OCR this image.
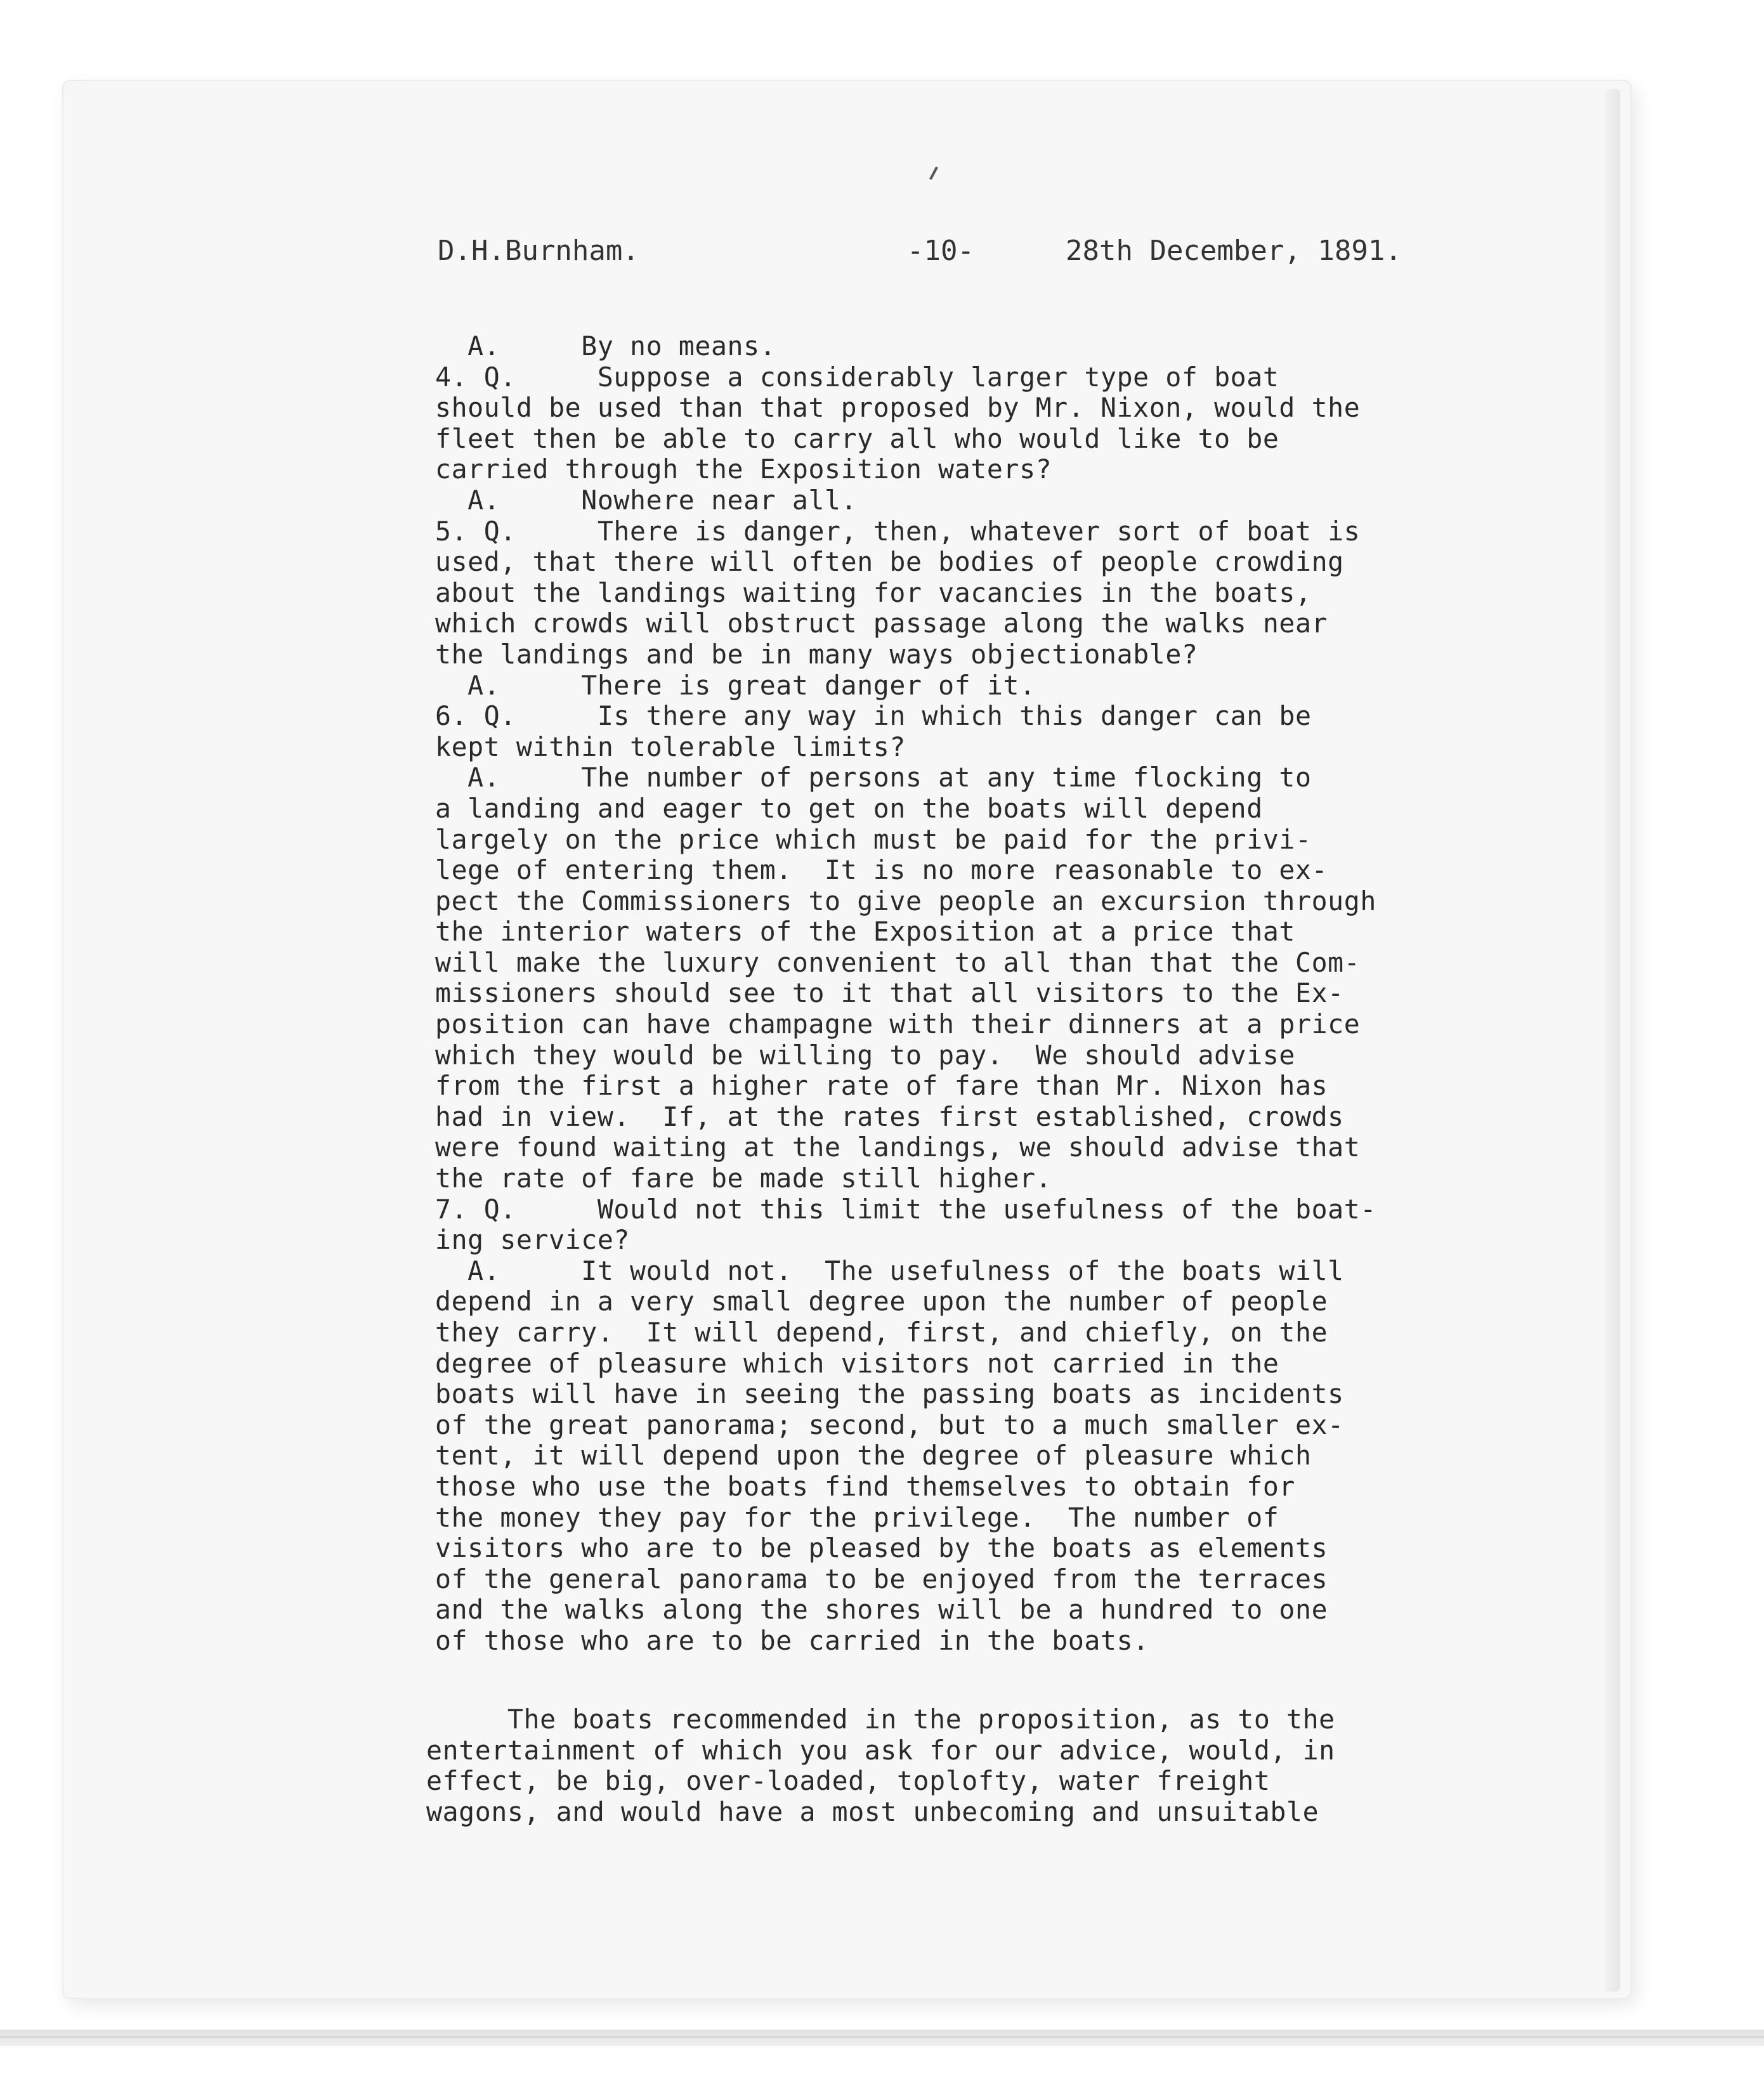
D.H.Burnham.	-10-	28th December, 1891.
A.     By no means.
4. Q.     Suppose a considerably larger type of boat
should be used than that proposed by Mr. Nixon, would the
fleet then be able to carry all who would like to be
carried through the Exposition waters?
A.     Nowhere near all.
5. Q.     There is danger, then, whatever sort of boat is
used, that there will often be bodies of people crowding
about the landings waiting for vacancies in the boats,
which crowds will obstruct passage along the walks near
the landings and be in many ways objectionable?
A.     There is great danger of it.
6. Q.     Is there any way in which this danger can be
kept within tolerable limits?
A.     The number of persons at any time flocking to
a landing and eager to get on the boats will depend
largely on the price which must be paid for the privi-
lege of entering them.  It is no more reasonable to ex-
pect the Commissioners to give people an excursion through
the interior waters of the Exposition at a price that
will make the luxury convenient to all than that the Com-
missioners should see to it that all visitors to the Ex-
position can have champagne with their dinners at a price
which they would be willing to pay.  We should advise
from the first a higher rate of fare than Mr. Nixon has
had in view.  If, at the rates first established, crowds
were found waiting at the landings, we should advise that
the rate of fare be made still higher.
7. Q.     Would not this limit the usefulness of the boat-
ing service?
A.     It would not.  The usefulness of the boats will
depend in a very small degree upon the number of people
they carry.  It will depend, first, and chiefly, on the
degree of pleasure which visitors not carried in the
boats will have in seeing the passing boats as incidents
of the great panorama; second, but to a much smaller ex-
tent, it will depend upon the degree of pleasure which
those who use the boats find themselves to obtain for
the money they pay for the privilege.  The number of
visitors who are to be pleased by the boats as elements
of the general panorama to be enjoyed from the terraces
and the walks along the shores will be a hundred to one
of those who are to be carried in the boats.
The boats recommended in the proposition, as to the
entertainment of which you ask for our advice, would, in
effect, be big, over-loaded, toplofty, water freight
wagons, and would have a most unbecoming and unsuitable
